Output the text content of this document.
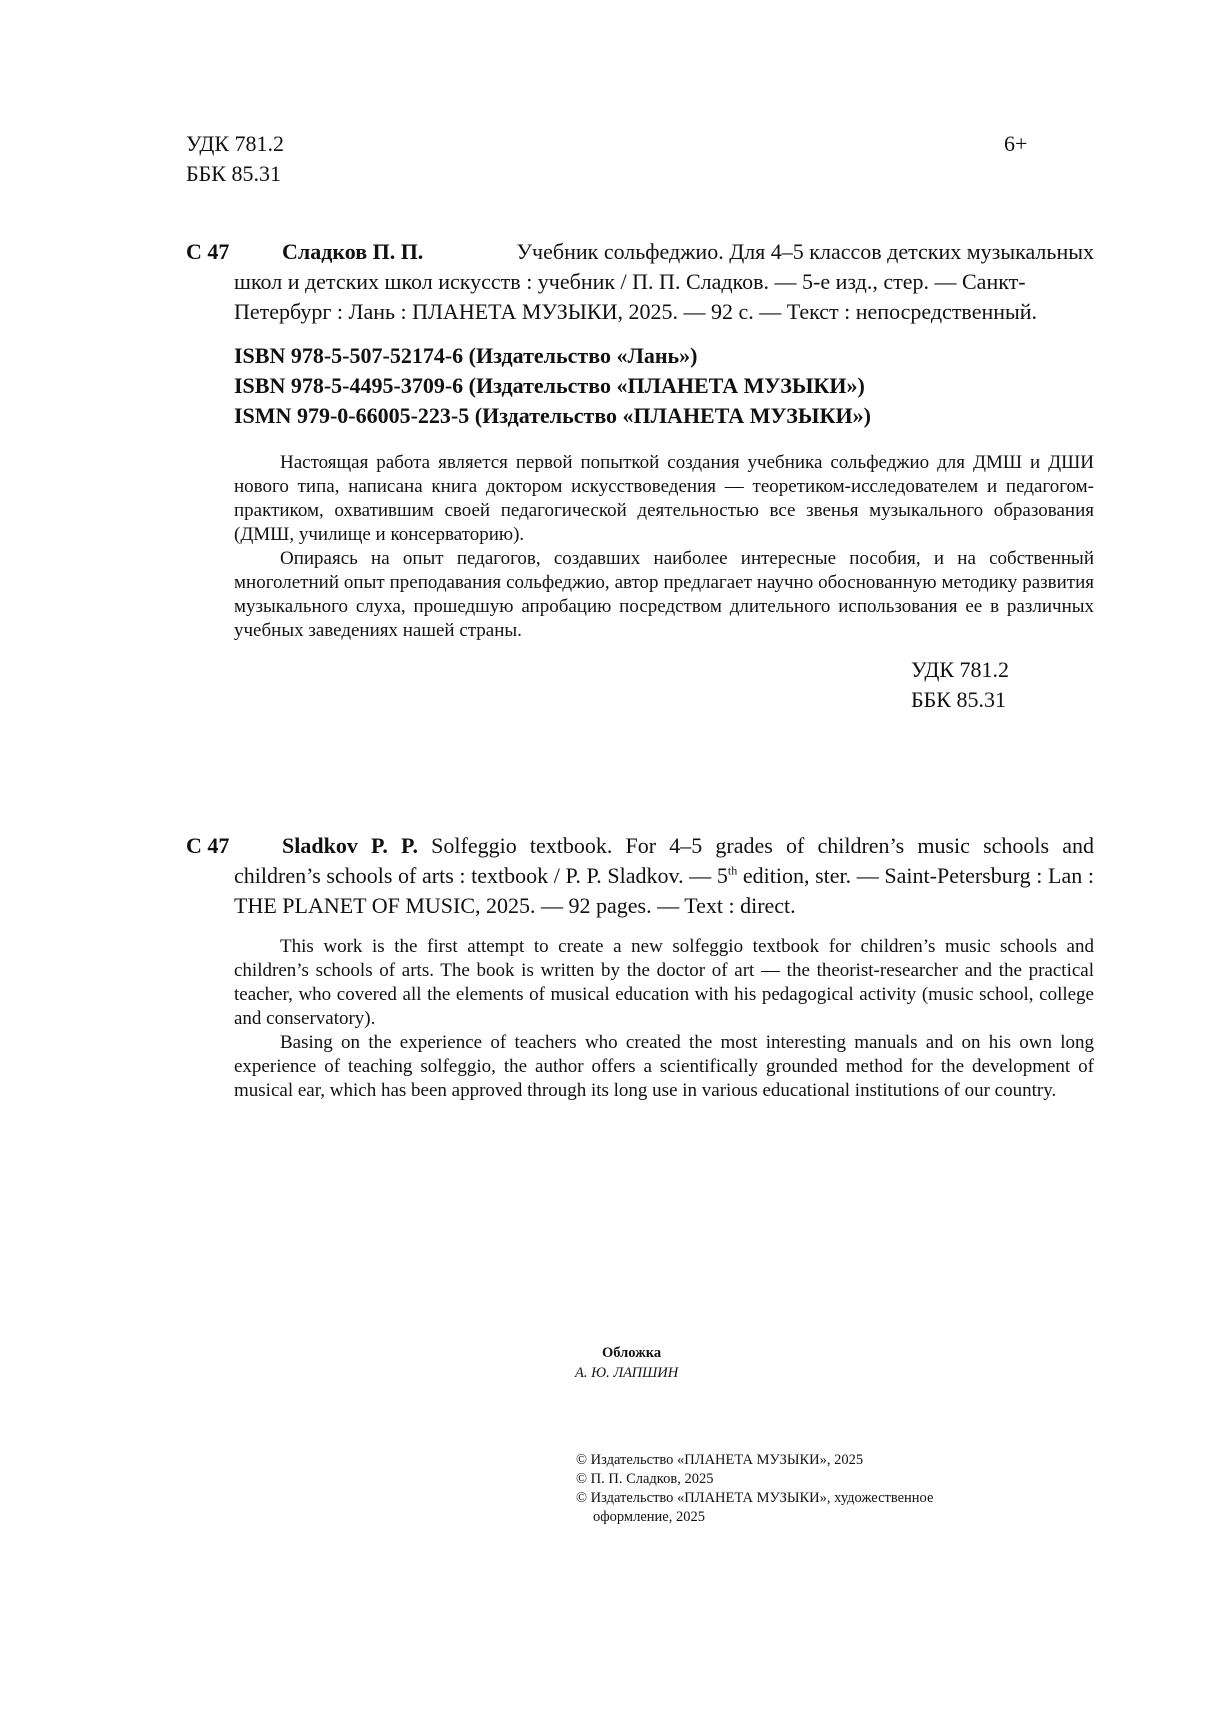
УДК 781.2
ББК 85.31
6+
С 47	Сладков П. П.	Учебник сольфеджио. Для 4–5 классов детских музыкальных
школ и детских школ искусств : учебник / П. П. Сладков. — 5-е изд., стер. — Санкт-
Петербург : Лань : ПЛАНЕТА МУЗЫКИ, 2025. — 92 с. — Текст : непосредственный.
ISBN 978-5-507-52174-6 (Издательство «Лань»)
ISBN 978-5-4495-3709-6 (Издательство «ПЛАНЕТА МУЗЫКИ»)
ISMN 979-0-66005-223-5 (Издательство «ПЛАНЕТА МУЗЫКИ»)

Настоящая работа является первой попыткой создания учебника сольфеджио для ДМШ и ДШИ нового типа, написана книга доктором искусствоведения — теоретиком-исследователем и педагогом-практиком, охватившим своей педагогической деятельностью все звенья музыкального образования (ДМШ, училище и консерваторию).

Опираясь на опыт педагогов, создавших наиболее интересные пособия, и на собственный многолетний опыт преподавания сольфеджио, автор предлагает научно обоснованную методику развития музыкального слуха, прошедшую апробацию посредством длительного использования ее в различных учебных заведениях нашей страны.

УДК 781.2
ББК 85.31

С 47 Sladkov P. P. Solfeggio textbook. For 4–5 grades of children’s music schools and children’s schools of arts : textbook / P. P. Sladkov. — 5th edition, ster. — Saint-Petersburg : Lan : THE PLANET OF MUSIC, 2025. — 92 pages. — Text : direct.

This work is the first attempt to create a new solfeggio textbook for children’s music schools and children’s schools of arts. The book is written by the doctor of art — the theorist-researcher and the practical teacher, who covered all the elements of musical education with his pedagogical activity (music school, college and conservatory).

Basing on the experience of teachers who created the most interesting manuals and on his own long experience of teaching solfeggio, the author offers a scientifically grounded method for the development of musical ear, which has been approved through its long use in various educational institutions of our country.

Обложка
А. Ю. ЛАПШИН
© Издательство «ПЛАНЕТА МУЗЫКИ», 2025
© П. П. Сладков, 2025
© Издательство «ПЛАНЕТА МУЗЫКИ», художественное оформление, 2025
